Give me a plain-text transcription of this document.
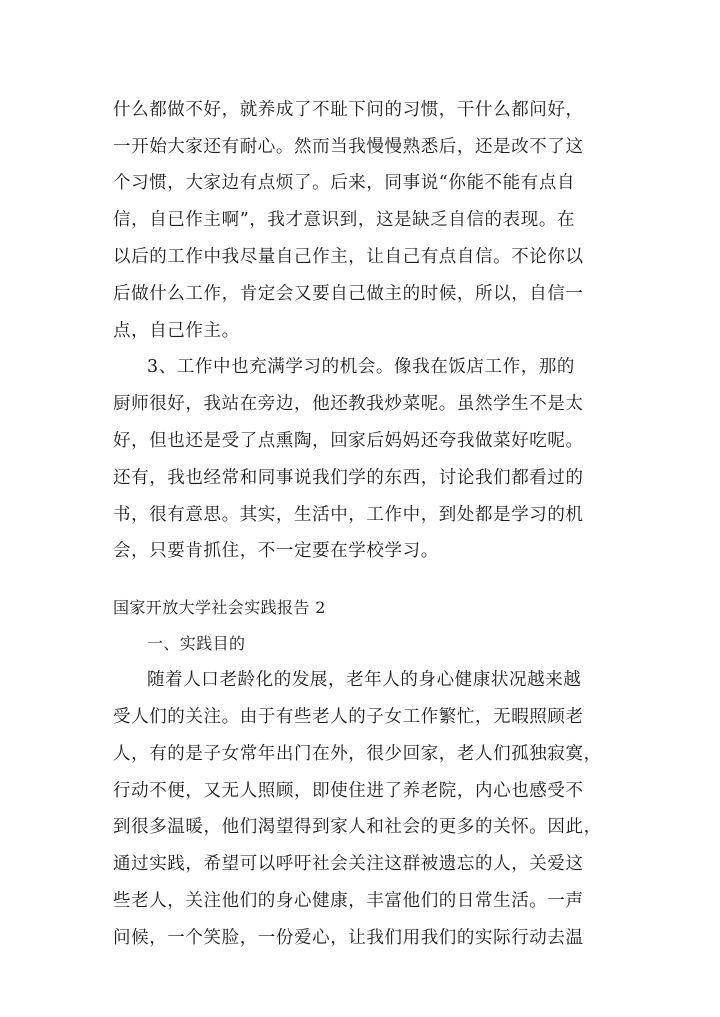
什么都做不好，就养成了不耻下问的习惯，干什么都问好，
一开始大家还有耐心。然而当我慢慢熟悉后，还是改不了这
个习惯，大家边有点烦了。后来，同事说“你能不能有点自
信，自已作主啊”，我才意识到，这是缺乏自信的表现。在
以后的工作中我尽量自己作主，让自己有点自信。不论你以
后做什么工作，肯定会又要自己做主的时候，所以，自信一
点，自己作主。
3、工作中也充满学习的机会。像我在饭店工作，那的
厨师很好，我站在旁边，他还教我炒菜呢。虽然学生不是太
好，但也还是受了点熏陶，回家后妈妈还夸我做菜好吃呢。
还有，我也经常和同事说我们学的东西，讨论我们都看过的
书，很有意思。其实，生活中，工作中，到处都是学习的机
会，只要肯抓住，不一定要在学校学习。
国家开放大学社会实践报告 2
一、实践目的
随着人口老龄化的发展，老年人的身心健康状况越来越
受人们的关注。由于有些老人的子女工作繁忙，无暇照顾老
人，有的是子女常年出门在外，很少回家，老人们孤独寂寞，
行动不便，又无人照顾，即使住进了养老院，内心也感受不
到很多温暖，他们渴望得到家人和社会的更多的关怀。因此，
通过实践，希望可以呼吁社会关注这群被遗忘的人，关爱这
些老人，关注他们的身心健康，丰富他们的日常生活。一声
问候，一个笑脸，一份爱心，让我们用我们的实际行动去温
